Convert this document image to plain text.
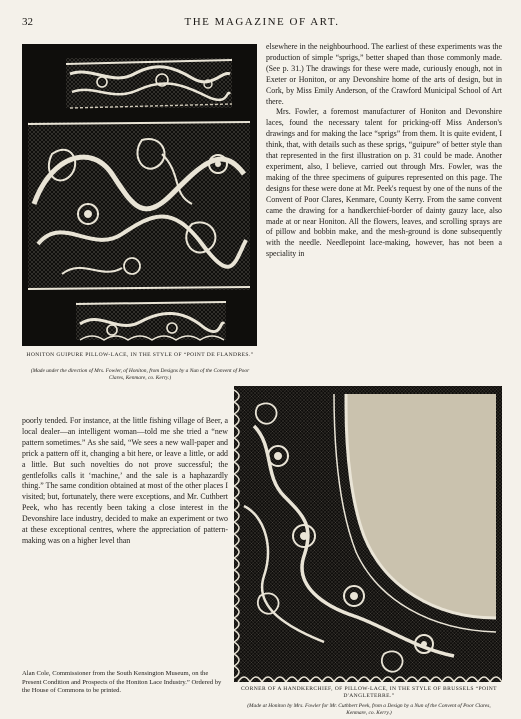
32	THE MAGAZINE OF ART.
HONITON GUIPURE PILLOW-LACE, IN THE STYLE OF “POINT DE FLANDRES.”
(Made under the direction of Mrs. Fowler, of Honiton, from Designs by a Nun of the Convent of Poor Clares, Kenmare, co. Kerry.)

elsewhere in the neighbourhood. The earliest of these experiments was the production of simple “sprigs,” better shaped than those commonly made. (See p. 31.) The drawings for these were made, curiously enough, not in Exeter or Honiton, or any Devonshire home of the arts of design, but in Cork, by Miss Emily Anderson, of the Crawford Municipal School of Art there.

Mrs. Fowler, a foremost manufacturer of Honiton and Devonshire laces, found the necessary talent for pricking-off Miss Anderson's drawings and for making the lace “sprigs” from them. It is quite evident, I think, that, with details such as these sprigs, “guipure” of better style than that represented in the first illustration on p. 31 could be made. Another experiment, also, I believe, carried out through Mrs. Fowler, was the making of the three specimens of guipures represented on this page. The designs for these were done at Mr. Peek's request by one of the nuns of the Convent of Poor Clares, Kenmare, County Kerry. From the same convent came the drawing for a handkerchief-border of dainty gauzy lace, also made at or near Honiton. All the flowers, leaves, and scrolling sprays are of pillow and bobbin make, and the mesh-ground is done subsequently with the needle. Needlepoint lace-making, however, has not been a speciality in

poorly tended. For instance, at the little fishing village of Beer, a local dealer—an intelligent woman—told me she tried a “new pattern sometimes.” As she said, “We sees a new wall-paper and prick a pattern off it, changing a bit here, or leave a little, or add a little. But such novelties do not prove successful; the gentlefolks calls it ‘machine,’ and the sale is a haphazardly thing.” The same condition obtained at most of the other places I visited; but, fortunately, there were exceptions, and Mr. Cuthbert Peek, who has recently been taking a close interest in the Devonshire lace industry, decided to make an experiment or two at these exceptional centres, where the appreciation of pattern-making was on a higher level than

Alan Cole, Commissioner from the South Kensington Museum, on the Present Condition and Prospects of the Honiton Lace Industry.” Ordered by the House of Commons to be printed.	CORNER OF A HANDKERCHIEF, OF PILLOW-LACE, IN THE STYLE OF BRUSSELS “POINT D'ANGLETERRE.”
(Made at Honiton by Mrs. Fowler for Mr. Cuthbert Peek, from a Design by a Nun of the Convent of Poor Clares, Kenmare, co. Kerry.)
